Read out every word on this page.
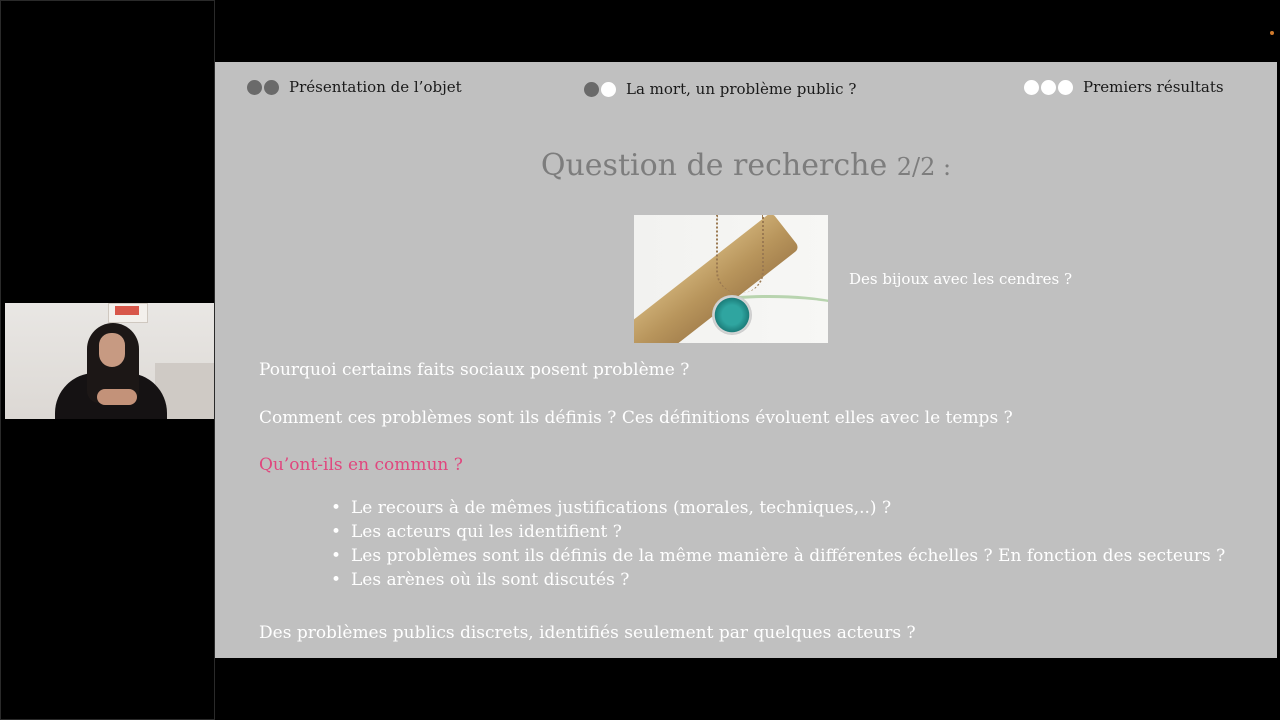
Présentation de l’objet	La mort, un problème public ?	Premiers résultats
Question de recherche 2/2 :
Des bijoux avec les cendres ?
Pourquoi certains faits sociaux posent problème ?
Comment ces problèmes sont ils définis ? Ces définitions évoluent elles avec le temps ?
Qu’ont-ils en commun ?
• Le recours à de mêmes justifications (morales, techniques,..) ?
• Les acteurs qui les identifient ?
• Les problèmes sont ils définis de la même manière à différentes échelles ? En fonction des secteurs ?
• Les arènes où ils sont discutés ?
Des problèmes publics discrets, identifiés seulement par quelques acteurs ?
